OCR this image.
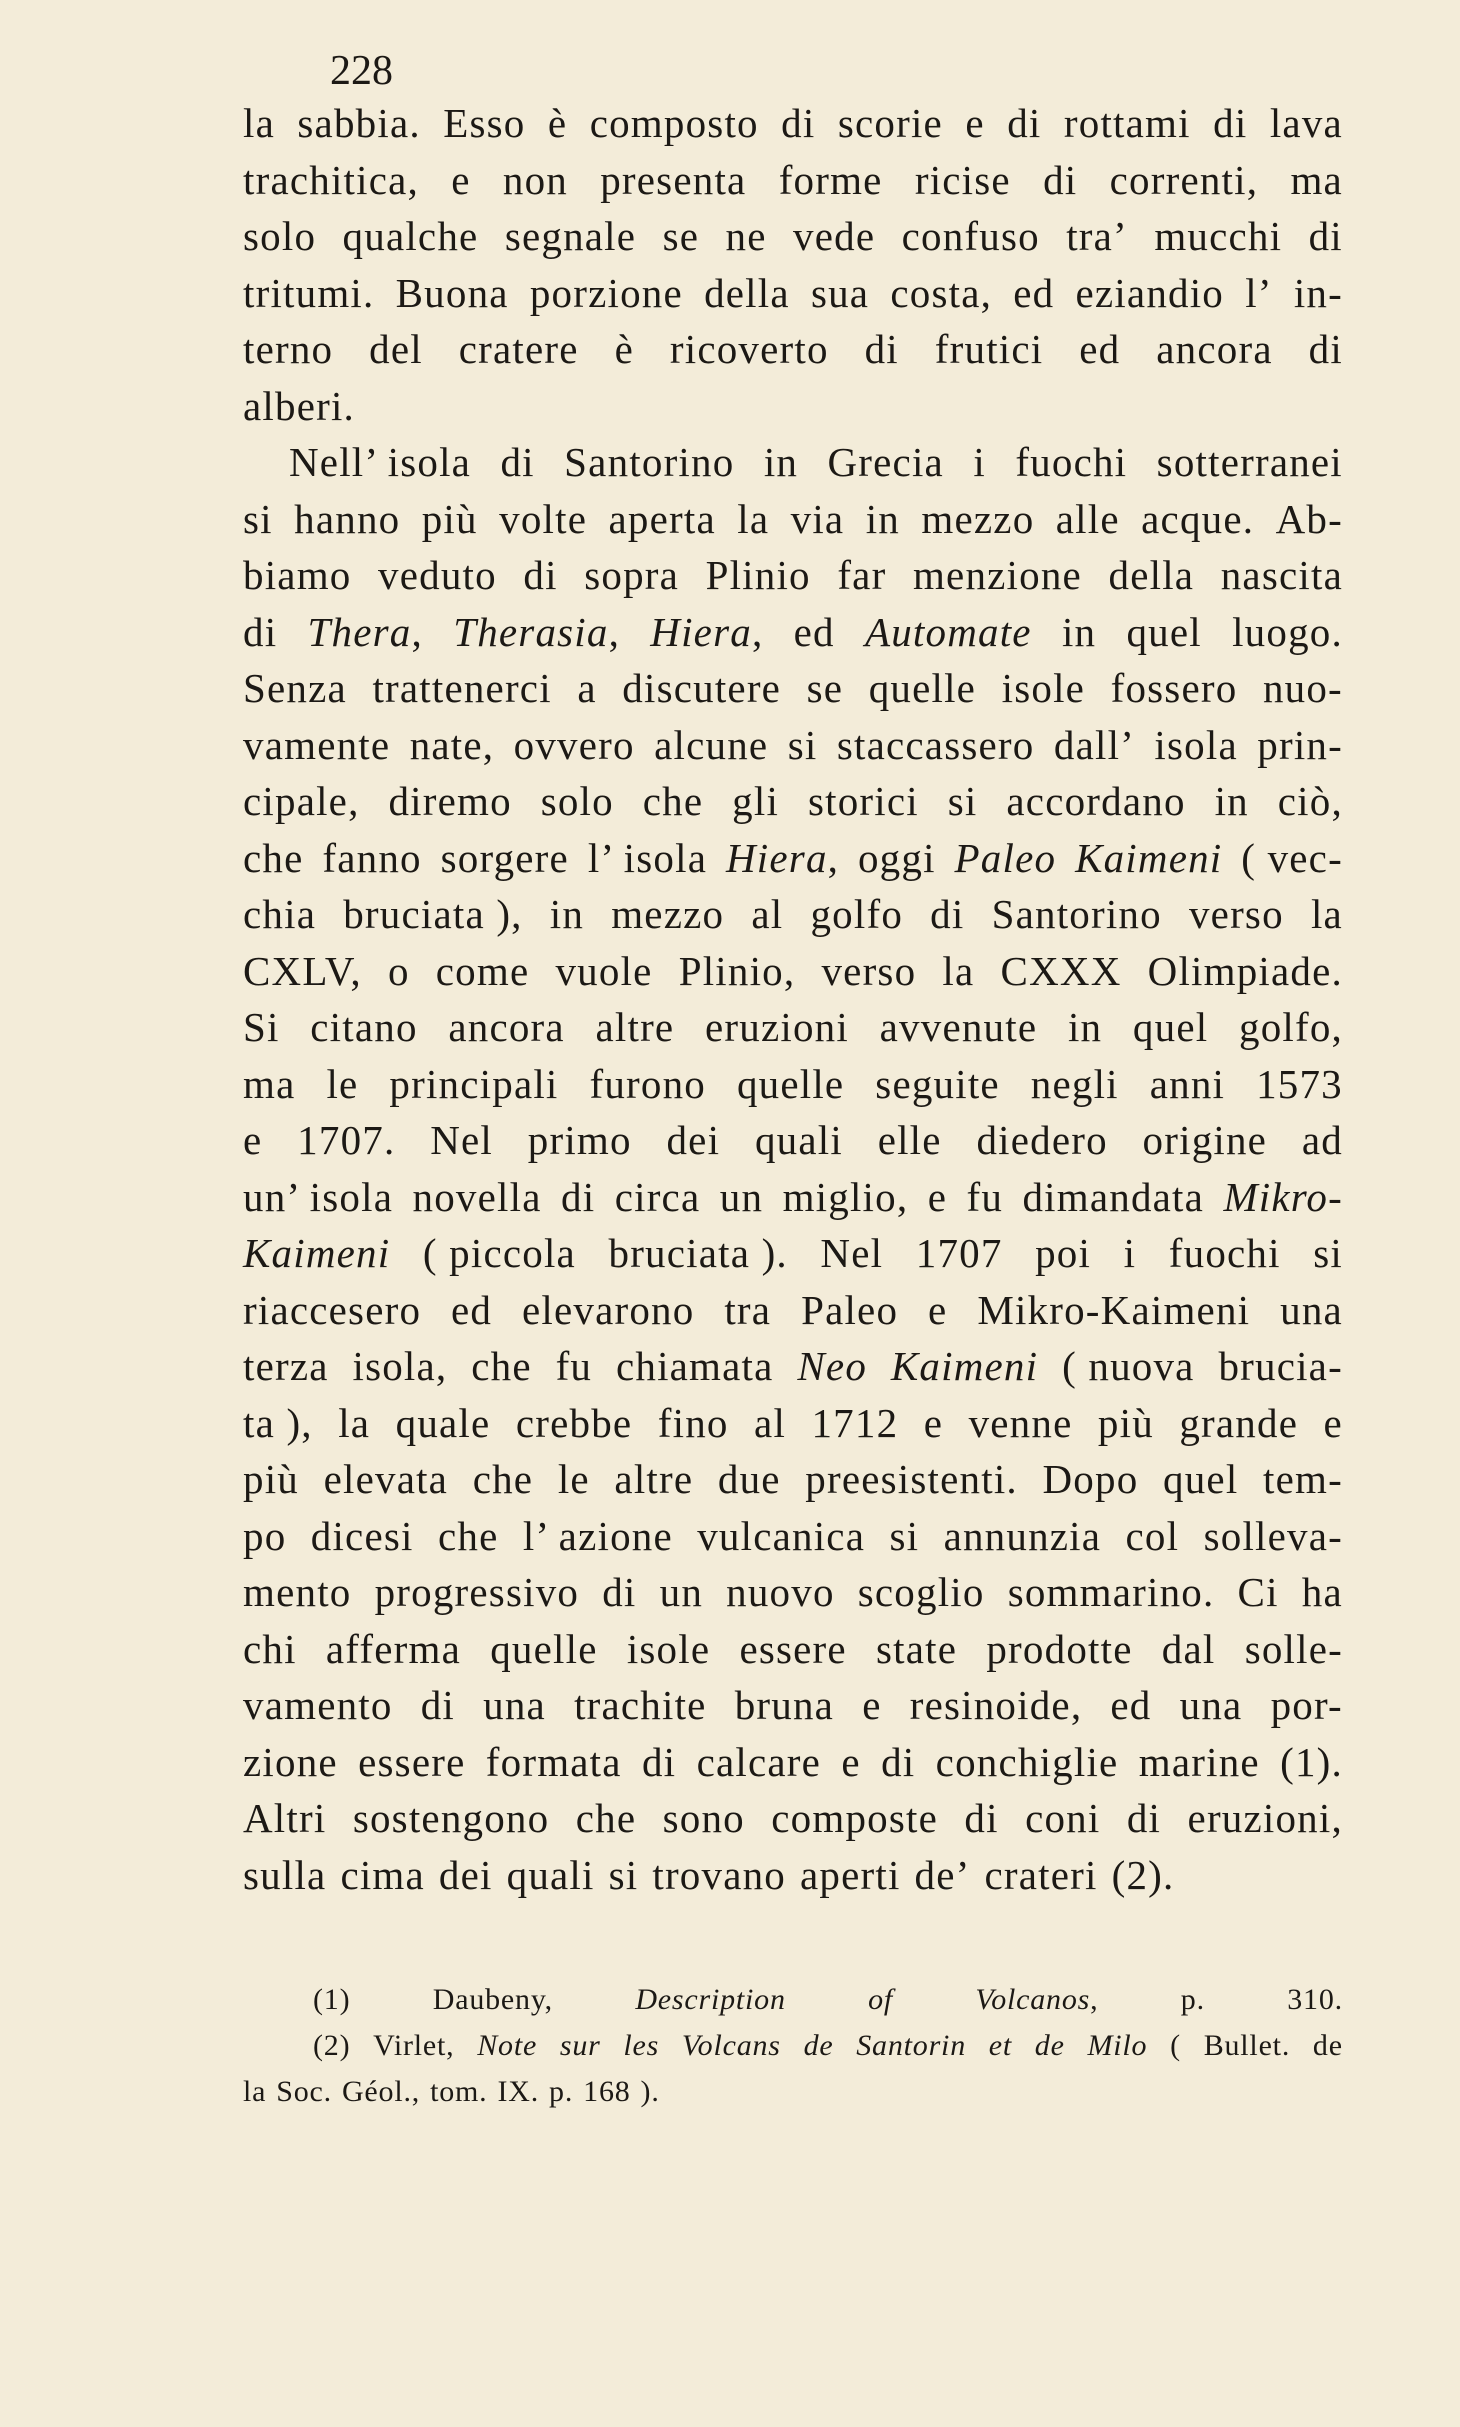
228
la sabbia. Esso è composto di scorie e di rottami di lava
trachitica, e non presenta forme ricise di correnti, ma
solo qualche segnale se ne vede confuso tra’ mucchi di
tritumi. Buona porzione della sua costa, ed eziandio l’ in-
terno del cratere è ricoverto di frutici ed ancora di
alberi.
Nell’ isola di Santorino in Grecia i fuochi sotterranei
si hanno più volte aperta la via in mezzo alle acque. Ab-
biamo veduto di sopra Plinio far menzione della nascita
di Thera, Therasia, Hiera, ed Automate in quel luogo.
Senza trattenerci a discutere se quelle isole fossero nuo-
vamente nate, ovvero alcune si staccassero dall’ isola prin-
cipale, diremo solo che gli storici si accordano in ciò,
che fanno sorgere l’ isola Hiera, oggi Paleo Kaimeni ( vec-
chia bruciata ), in mezzo al golfo di Santorino verso la
CXLV, o come vuole Plinio, verso la CXXX Olimpiade.
Si citano ancora altre eruzioni avvenute in quel golfo,
ma le principali furono quelle seguite negli anni 1573
e 1707. Nel primo dei quali elle diedero origine ad
un’ isola novella di circa un miglio, e fu dimandata Mikro-
Kaimeni ( piccola bruciata ). Nel 1707 poi i fuochi si
riaccesero ed elevarono tra Paleo e Mikro-Kaimeni una
terza isola, che fu chiamata Neo Kaimeni ( nuova brucia-
ta ), la quale crebbe fino al 1712 e venne più grande e
più elevata che le altre due preesistenti. Dopo quel tem-
po dicesi che l’ azione vulcanica si annunzia col solleva-
mento progressivo di un nuovo scoglio sommarino. Ci ha
chi afferma quelle isole essere state prodotte dal solle-
vamento di una trachite bruna e resinoide, ed una por-
zione essere formata di calcare e di conchiglie marine (1).
Altri sostengono che sono composte di coni di eruzioni,
sulla cima dei quali si trovano aperti de’ crateri (2).
(1)	Daubeny,	Description	of	Volcanos,	p.	310.
(2) Virlet, Note sur les Volcans de Santorin et de Milo ( Bullet. de
la Soc. Géol., tom. IX. p. 168 ).
